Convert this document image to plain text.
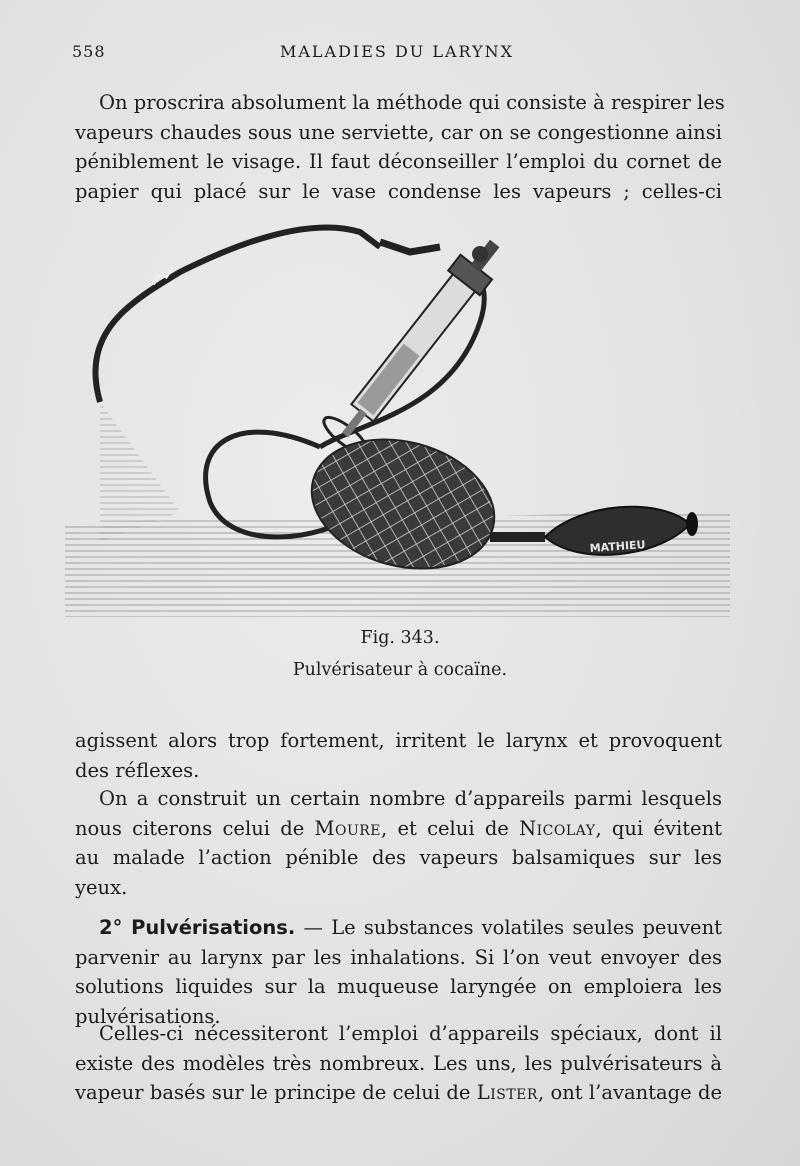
558	MALADIES DU LARYNX
On proscrira absolument la méthode qui consiste à respirer les
vapeurs chaudes sous une serviette, car on se congestionne ainsi
péniblement le visage. Il faut déconseiller l’emploi du cornet de
papier qui placé sur le vase condense les vapeurs ; celles-ci
MATHIEU
Fig. 343.
Pulvérisateur à cocaïne.
agissent alors trop fortement, irritent le larynx et provoquent
des réflexes.
On a construit un certain nombre d’appareils parmi lesquels
nous citerons celui de Moure, et celui de Nicolay, qui évitent
au malade l’action pénible des vapeurs balsamiques sur les
yeux.
2° Pulvérisations. — Le substances volatiles seules peuvent
parvenir au larynx par les inhalations. Si l’on veut envoyer des
solutions liquides sur la muqueuse laryngée on emploiera les
pulvérisations.
Celles-ci nécessiteront l’emploi d’appareils spéciaux, dont il
existe des modèles très nombreux. Les uns, les pulvérisateurs à
vapeur basés sur le principe de celui de Lister, ont l’avantage de
